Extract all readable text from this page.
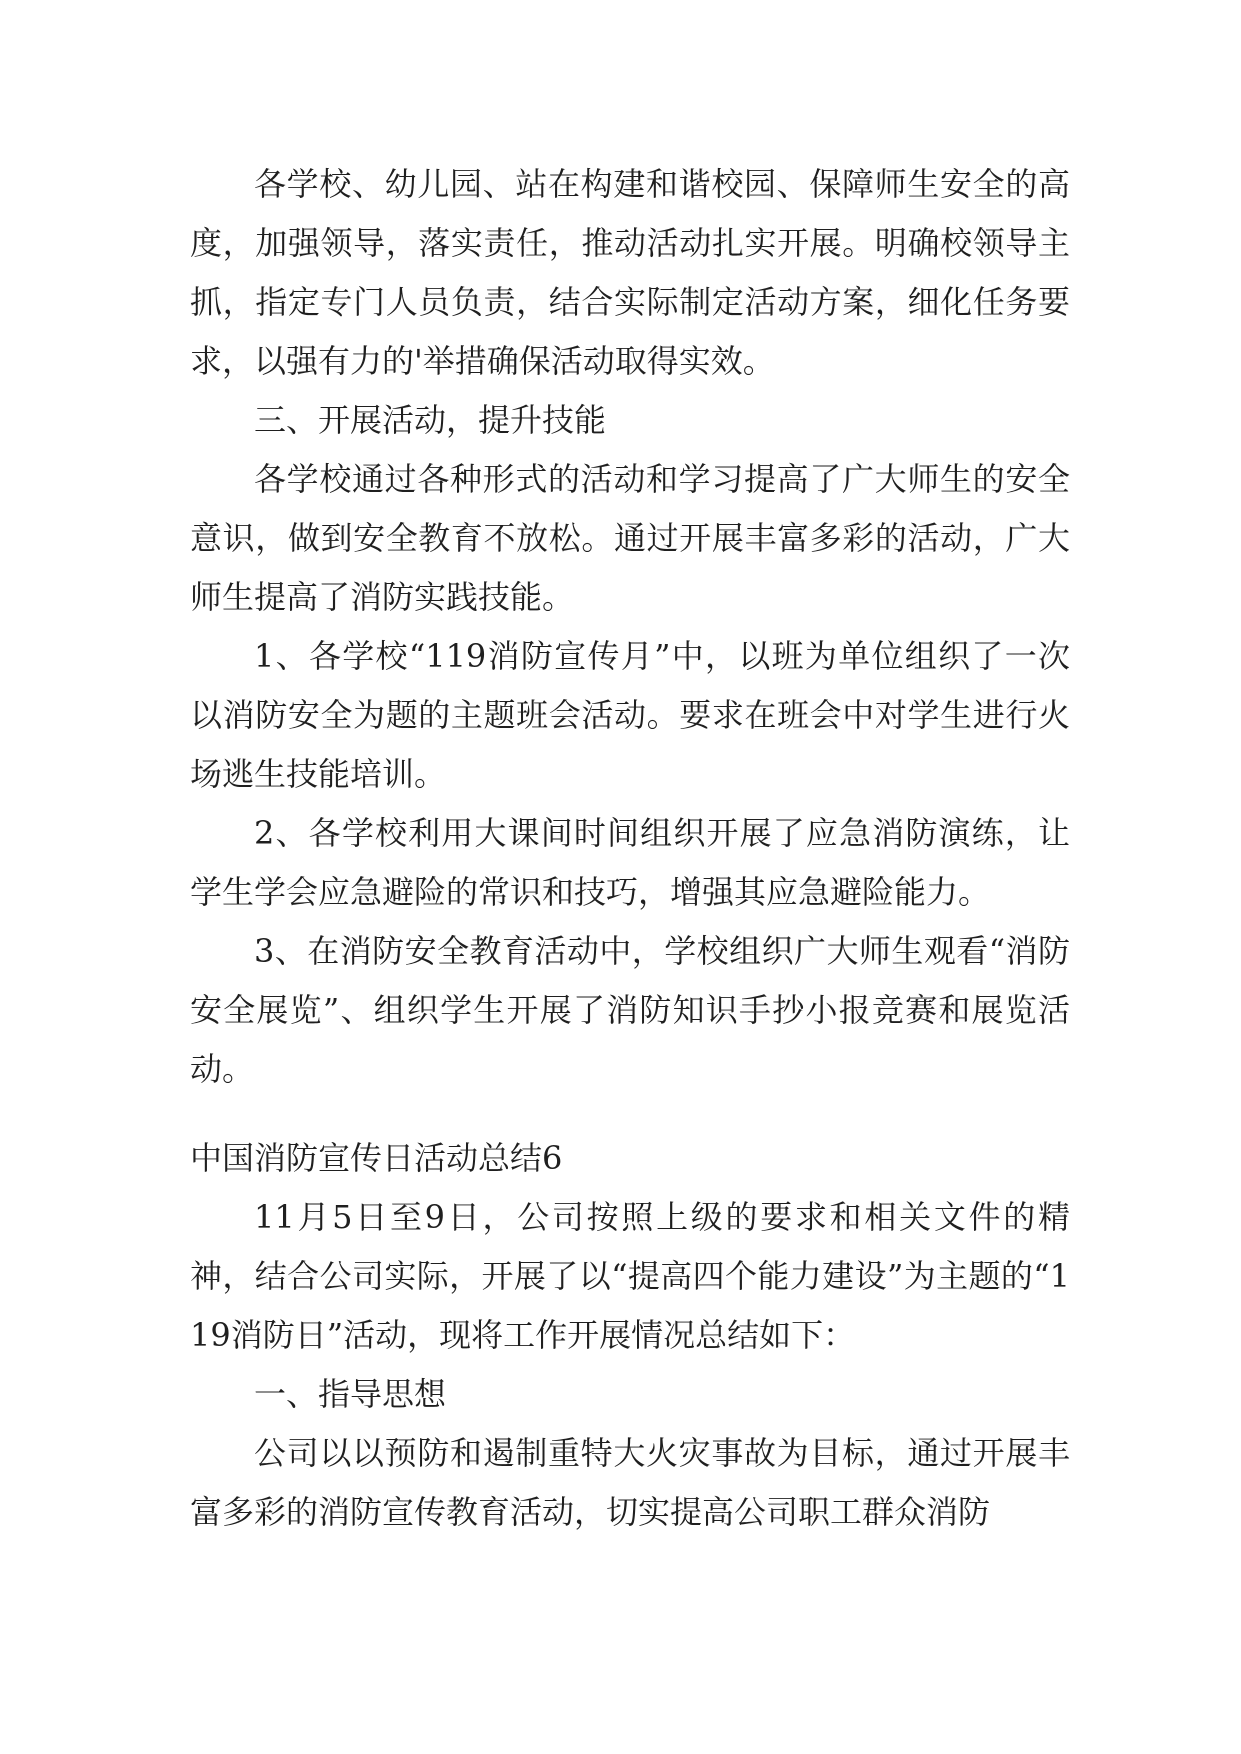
各学校、幼儿园、站在构建和谐校园、保障师生安全的高度，加强领导，落实责任，推动活动扎实开展。明确校领导主抓，指定专门人员负责，结合实际制定活动方案，细化任务要求，以强有力的'举措确保活动取得实效。

三、开展活动，提升技能

各学校通过各种形式的活动和学习提高了广大师生的安全意识，做到安全教育不放松。通过开展丰富多彩的活动，广大师生提高了消防实践技能。

1、各学校“119消防宣传月”中，以班为单位组织了一次以消防安全为题的主题班会活动。要求在班会中对学生进行火场逃生技能培训。

2、各学校利用大课间时间组织开展了应急消防演练，让学生学会应急避险的常识和技巧，增强其应急避险能力。

3、在消防安全教育活动中，学校组织广大师生观看“消防安全展览”、组织学生开展了消防知识手抄小报竞赛和展览活动。

中国消防宣传日活动总结6

11月5日至9日，公司按照上级的要求和相关文件的精神，结合公司实际，开展了以“提高四个能力建设”为主题的“119消防日”活动，现将工作开展情况总结如下：

一、指导思想

公司以以预防和遏制重特大火灾事故为目标，通过开展丰富多彩的消防宣传教育活动，切实提高公司职工群众消防
